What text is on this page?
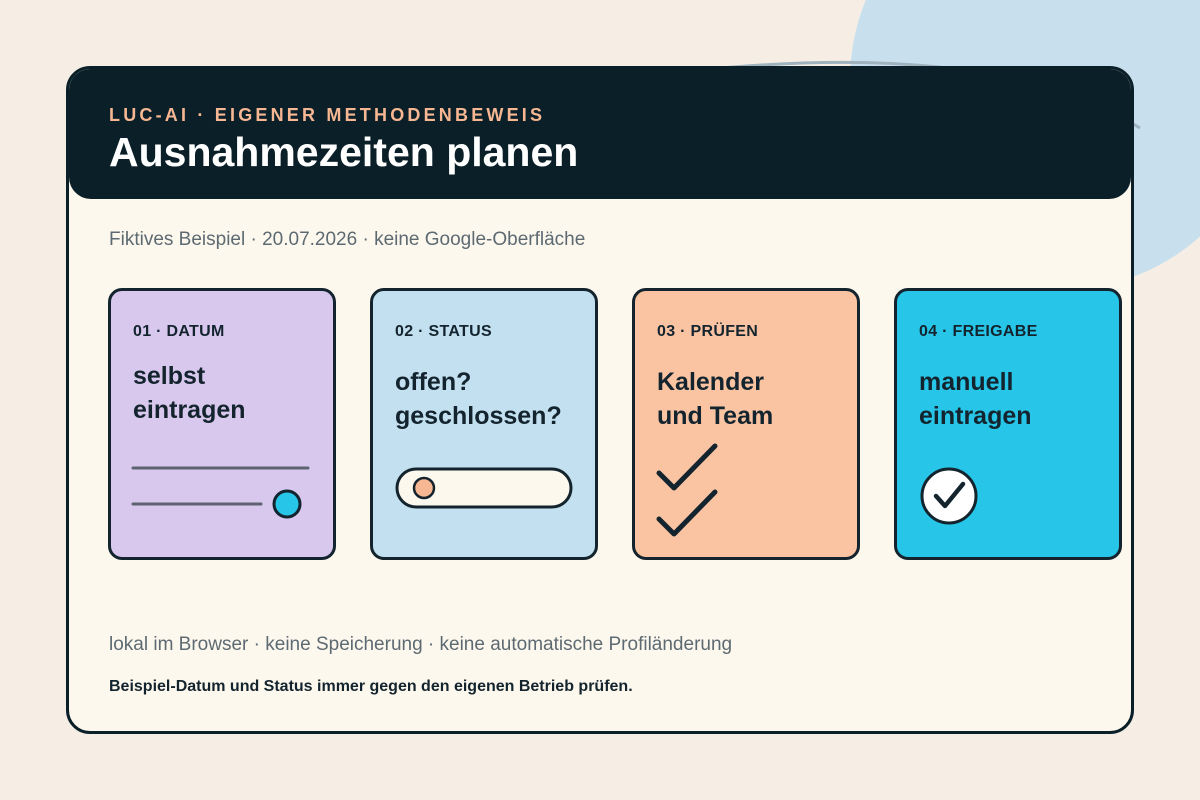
LUC-AI · EIGENER METHODENBEWEIS
Ausnahmezeiten planen
Fiktives Beispiel · 20.07.2026 · keine Google-Oberfläche
01 · DATUM
selbst
eintragen
02 · STATUS
offen?
geschlossen?
03 · PRÜFEN
Kalender
und Team
04 · FREIGABE
manuell
eintragen
lokal im Browser · keine Speicherung · keine automatische Profiländerung
Beispiel-Datum und Status immer gegen den eigenen Betrieb prüfen.
